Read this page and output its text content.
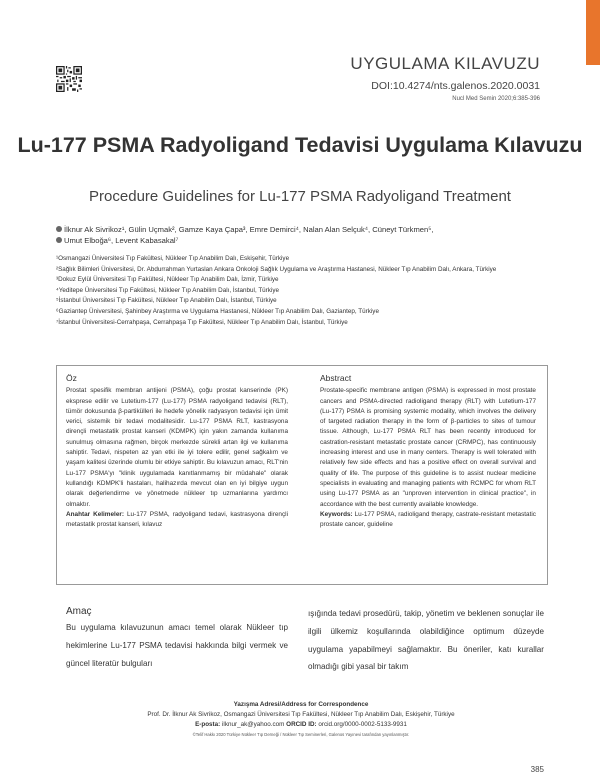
UYGULAMA KILAVUZU
DOI:10.4274/nts.galenos.2020.0031
Nucl Med Semin 2020;6:385-396
Lu-177 PSMA Radyoligand Tedavisi Uygulama Kılavuzu
Procedure Guidelines for Lu-177 PSMA Radyoligand Treatment
İlknur Ak Sivrikoz¹, Gülin Uçmak², Gamze Kaya Çapa³, Emre Demirci⁴, Nalan Alan Selçuk⁴, Cüneyt Türkmen⁵,
Umut Elboğa⁶, Levent Kabasakal⁷
¹Osmangazi Üniversitesi Tıp Fakültesi, Nükleer Tıp Anabilim Dalı, Eskişehir, Türkiye
²Sağlık Bilimleri Üniversitesi, Dr. Abdurrahman Yurtaslan Ankara Onkoloji Sağlık Uygulama ve Araştırma Hastanesi, Nükleer Tıp Anabilim Dalı, Ankara, Türkiye
³Dokuz Eylül Üniversitesi Tıp Fakültesi, Nükleer Tıp Anabilim Dalı, İzmir, Türkiye
⁴Yeditepe Üniversitesi Tıp Fakültesi, Nükleer Tıp Anabilim Dalı, İstanbul, Türkiye
⁵İstanbul Üniversitesi Tıp Fakültesi, Nükleer Tıp Anabilim Dalı, İstanbul, Türkiye
⁶Gaziantep Üniversitesi, Şahinbey Araştırma ve Uygulama Hastanesi, Nükleer Tıp Anabilim Dalı, Gaziantep, Türkiye
⁷İstanbul Üniversitesi-Cerrahpaşa, Cerrahpaşa Tıp Fakültesi, Nükleer Tıp Anabilim Dalı, İstanbul, Türkiye
Öz
Prostat spesifik membran antijeni (PSMA), çoğu prostat kanserinde (PK) eksprese edilir ve Lutetium-177 (Lu-177) PSMA radyoligand tedavisi (RLT), tümör dokusunda β-partikülleri ile hedefe yönelik radyasyon tedavisi için ümit verici, sistemik bir tedavi modalitesidir. Lu-177 PSMA RLT, kastrasyona dirençli metastatik prostat kanseri (KDMPK) için yakın zamanda kullanıma sunulmuş olmasına rağmen, birçok merkezde sürekli artan ilgi ve kullanıma sahiptir. Tedavi, nispeten az yan etki ile iyi tolere edilir, genel sağkalım ve yaşam kalitesi üzerinde olumlu bir etkiye sahiptir. Bu kılavuzun amacı, RLT'nin Lu-177 PSMA'yı "klinik uygulamada kanıtlanmamış bir müdahale" olarak kullandığı KDMPK'li hastaları, halihazırda mevcut olan en iyi bilgiye uygun olarak değerlendirme ve yönetmede nükleer tıp uzmanlarına yardımcı olmaktır.
Anahtar Kelimeler: Lu-177 PSMA, radyoligand tedavi, kastrasyona dirençli metastatik prostat kanseri, kılavuz
Abstract
Prostate-specific membrane antigen (PSMA) is expressed in most prostate cancers and PSMA-directed radioligand therapy (RLT) with Lutetium-177 (Lu-177) PSMA is promising systemic modality, which involves the delivery of targeted radiation therapy in the form of β-particles to sites of tumour tissue. Although, Lu-177 PSMA RLT has been recently introduced for castration-resistant metastatic prostate cancer (CRMPC), has continuously increasing interest and use in many centers. Therapy is well tolerated with relatively few side effects and has a positive effect on overall survival and quality of life. The purpose of this guideline is to assist nuclear medicine specialists in evaluating and managing patients with RCMPC for whom RLT using Lu-177 PSMA as an "unproven intervention in clinical practice", in accordance with the best currently available knowledge.
Keywords: Lu-177 PSMA, radioligand therapy, castrate-resistant metastatic prostate cancer, guideline
Amaç
Bu uygulama kılavuzunun amacı temel olarak Nükleer tıp hekimlerine Lu-177 PSMA tedavisi hakkında bilgi vermek ve güncel literatür bulguları
ışığında tedavi prosedürü, takip, yönetim ve beklenen sonuçlar ile ilgili ülkemiz koşullarında olabildiğince optimum düzeyde uygulama yapabilmeyi sağlamaktır. Bu öneriler, katı kurallar olmadığı gibi yasal bir takım
Yazışma Adresi/Address for Correspondence
Prof. Dr. İlknur Ak Sivrikoz, Osmangazi Üniversitesi Tıp Fakültesi, Nükleer Tıp Anabilim Dalı, Eskişehir, Türkiye
E-posta: ilknur_ak@yahoo.com ORCID ID: orcid.org/0000-0002-5133-9931
©Telif Hakkı 2020 Türkiye Nükleer Tıp Derneği / Nükleer Tıp Seminerleri, Galenos Yayınevi tarafından yayınlanmıştır.
385
